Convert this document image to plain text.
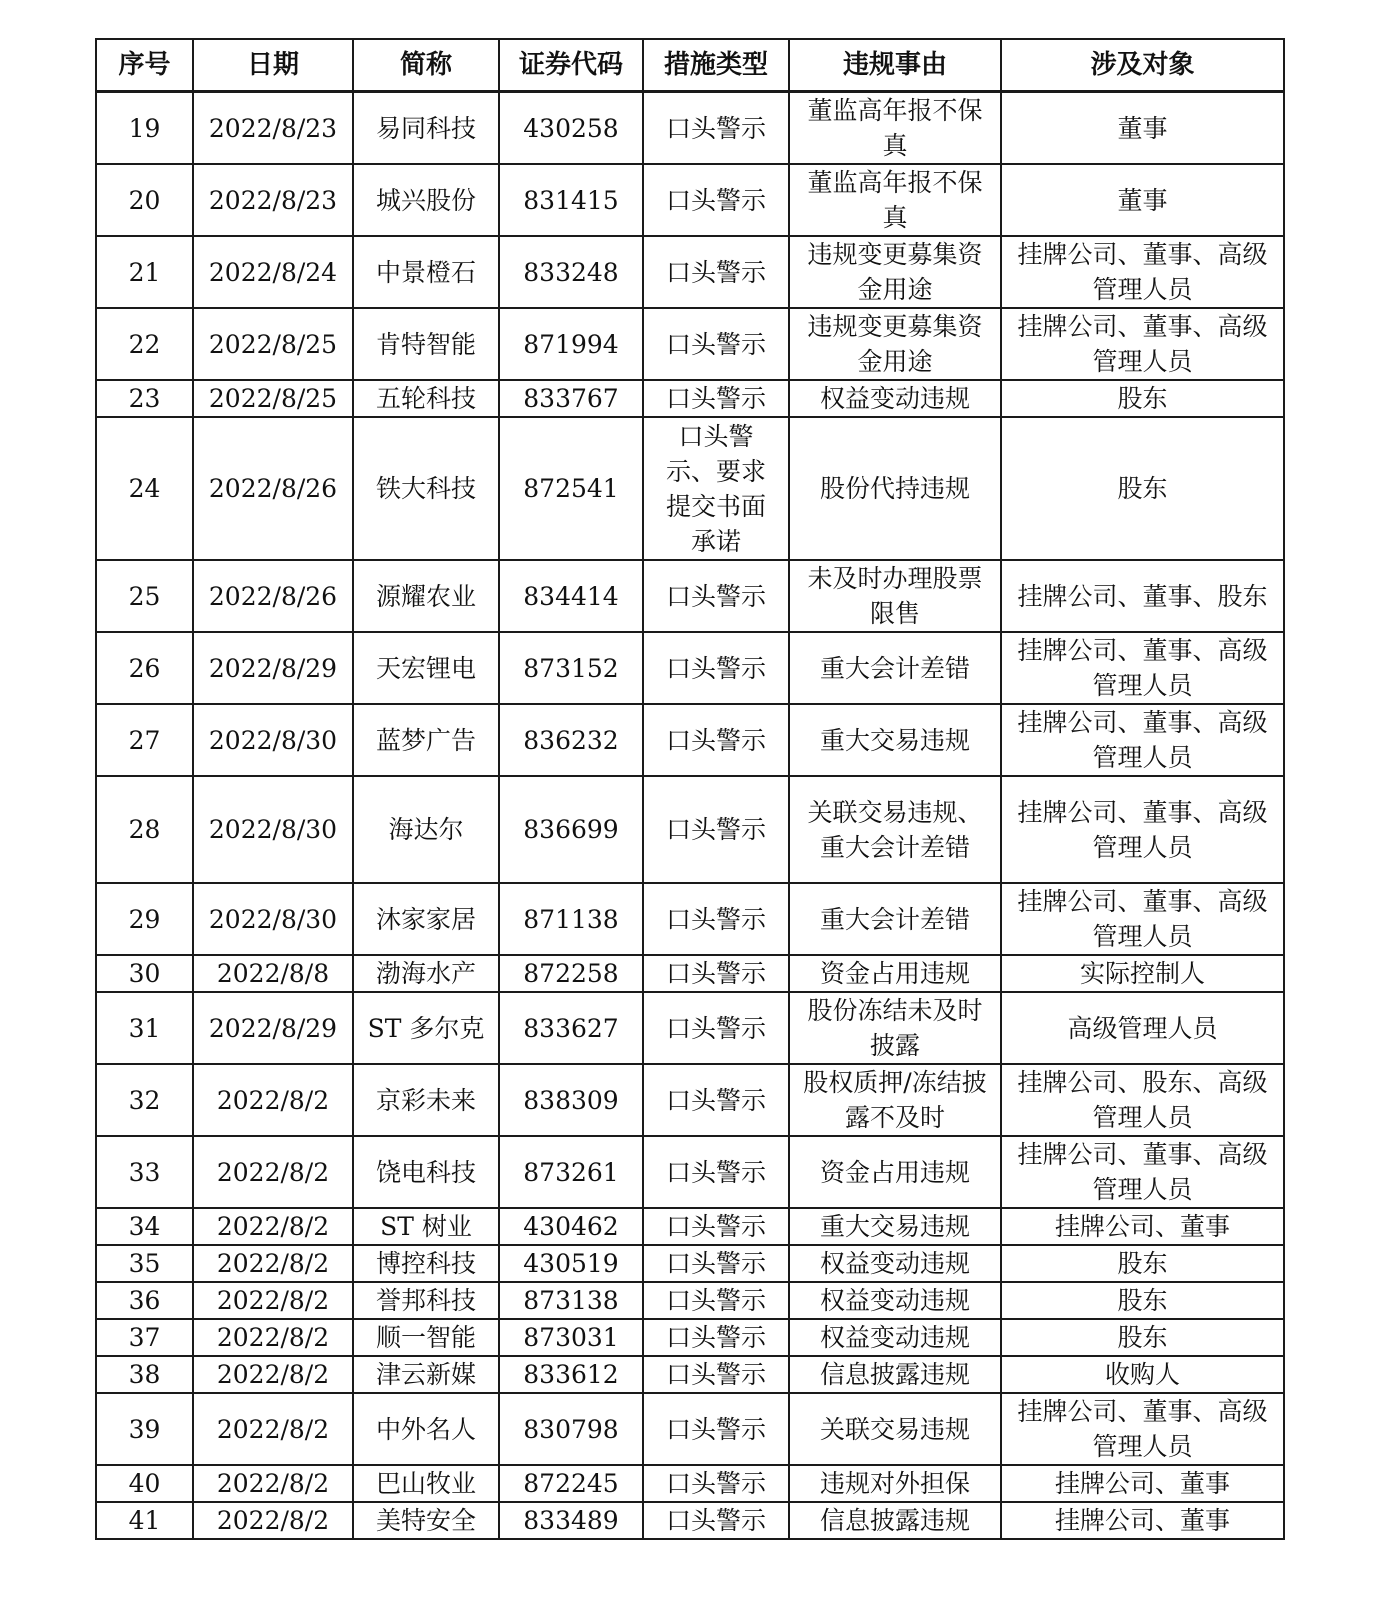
序号	日期	简称	证券代码	措施类型	违规事由	涉及对象
19	2022/8/23	易同科技	430258	口头警示	董监高年报不保真	董事
20	2022/8/23	城兴股份	831415	口头警示	董监高年报不保真	董事
21	2022/8/24	中景橙石	833248	口头警示	违规变更募集资金用途	挂牌公司、董事、高级管理人员
22	2022/8/25	肯特智能	871994	口头警示	违规变更募集资金用途	挂牌公司、董事、高级管理人员
23	2022/8/25	五轮科技	833767	口头警示	权益变动违规	股东
24	2022/8/26	铁大科技	872541	口头警示、要求提交书面承诺	股份代持违规	股东
25	2022/8/26	源耀农业	834414	口头警示	未及时办理股票限售	挂牌公司、董事、股东
26	2022/8/29	天宏锂电	873152	口头警示	重大会计差错	挂牌公司、董事、高级管理人员
27	2022/8/30	蓝梦广告	836232	口头警示	重大交易违规	挂牌公司、董事、高级管理人员
28	2022/8/30	海达尔	836699	口头警示	关联交易违规、重大会计差错	挂牌公司、董事、高级管理人员
29	2022/8/30	沐家家居	871138	口头警示	重大会计差错	挂牌公司、董事、高级管理人员
30	2022/8/8	渤海水产	872258	口头警示	资金占用违规	实际控制人
31	2022/8/29	ST 多尔克	833627	口头警示	股份冻结未及时披露	高级管理人员
32	2022/8/2	京彩未来	838309	口头警示	股权质押/冻结披露不及时	挂牌公司、股东、高级管理人员
33	2022/8/2	饶电科技	873261	口头警示	资金占用违规	挂牌公司、董事、高级管理人员
34	2022/8/2	ST 树业	430462	口头警示	重大交易违规	挂牌公司、董事
35	2022/8/2	博控科技	430519	口头警示	权益变动违规	股东
36	2022/8/2	誉邦科技	873138	口头警示	权益变动违规	股东
37	2022/8/2	顺一智能	873031	口头警示	权益变动违规	股东
38	2022/8/2	津云新媒	833612	口头警示	信息披露违规	收购人
39	2022/8/2	中外名人	830798	口头警示	关联交易违规	挂牌公司、董事、高级管理人员
40	2022/8/2	巴山牧业	872245	口头警示	违规对外担保	挂牌公司、董事
41	2022/8/2	美特安全	833489	口头警示	信息披露违规	挂牌公司、董事
